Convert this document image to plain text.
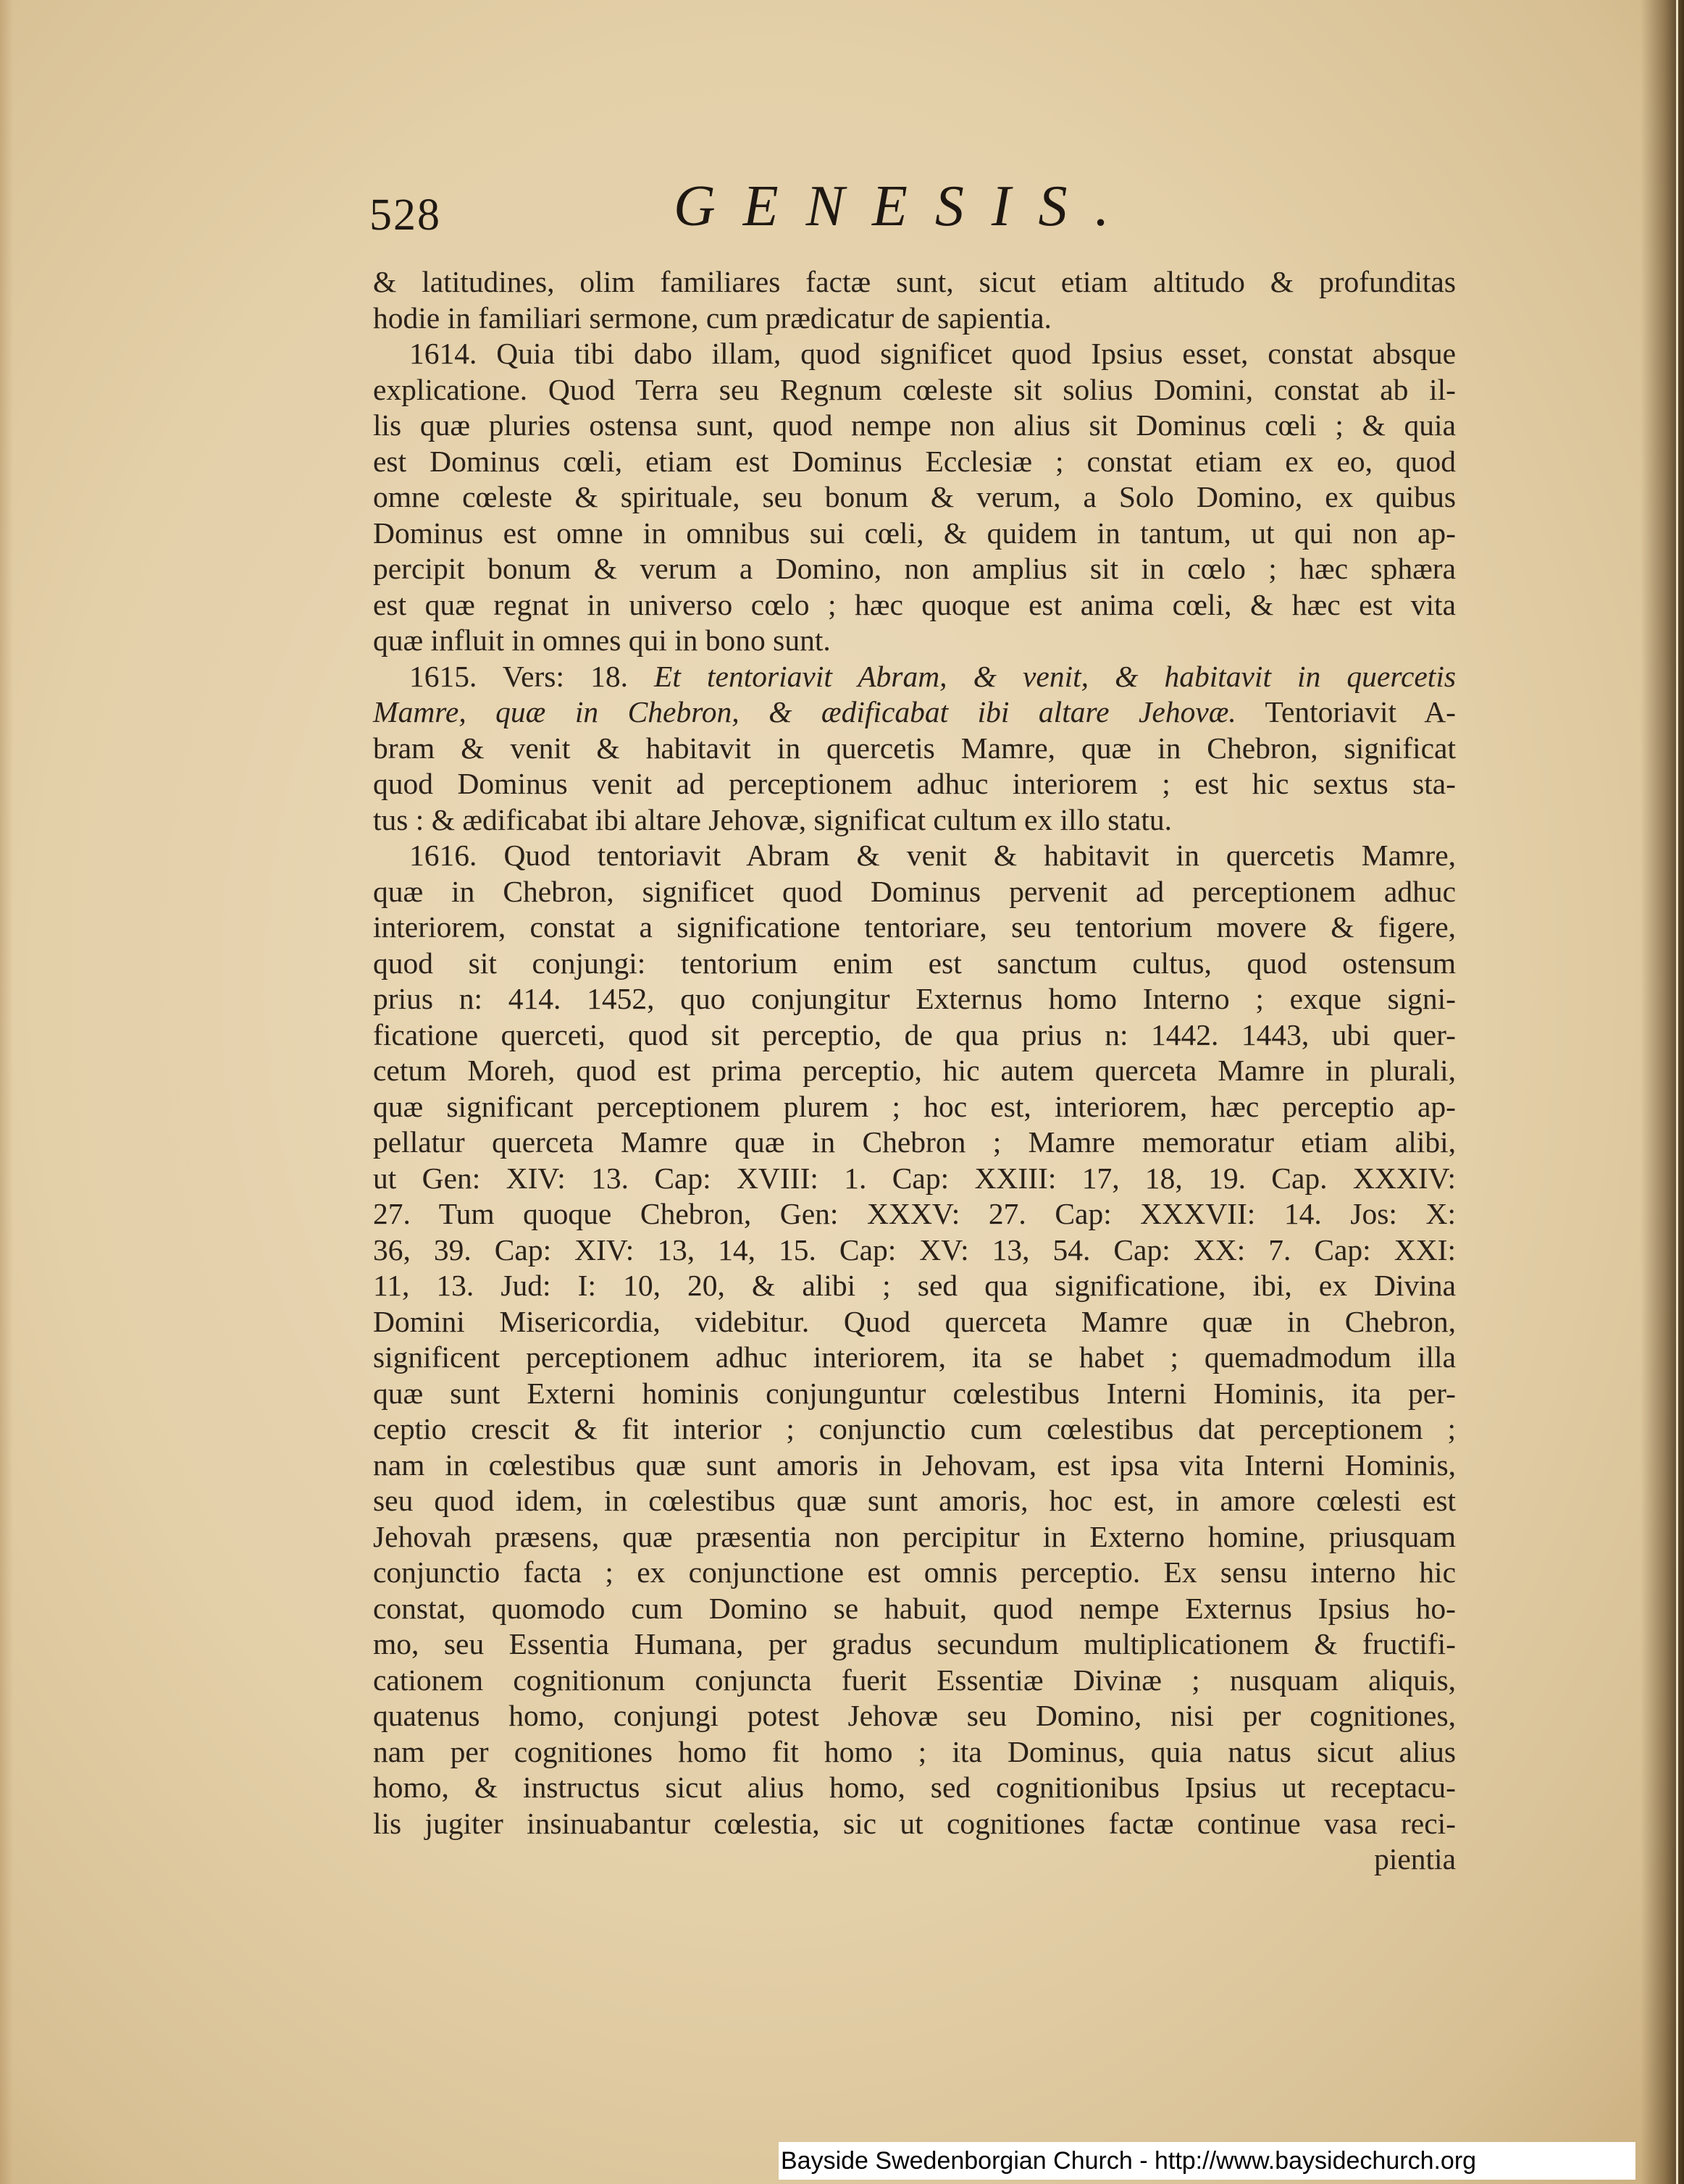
528	GENESIS.
& latitudines, olim familiares factæ sunt, sicut etiam altitudo & profunditas
hodie in familiari sermone, cum prædicatur de sapientia.
1614. Quia tibi dabo illam, quod significet quod Ipsius esset, constat absque
explicatione. Quod Terra seu Regnum cœleste sit solius Domini, constat ab il-
lis quæ pluries ostensa sunt, quod nempe non alius sit Dominus cœli ; & quia
est Dominus cœli, etiam est Dominus Ecclesiæ ; constat etiam ex eo, quod
omne cœleste & spirituale, seu bonum & verum, a Solo Domino, ex quibus
Dominus est omne in omnibus sui cœli, & quidem in tantum, ut qui non ap-
percipit bonum & verum a Domino, non amplius sit in cœlo ; hæc sphæra
est quæ regnat in universo cœlo ; hæc quoque est anima cœli, & hæc est vita
quæ influit in omnes qui in bono sunt.
1615. Vers: 18. Et tentoriavit Abram, & venit, & habitavit in quercetis
Mamre, quæ in Chebron, & ædificabat ibi altare Jehovæ. Tentoriavit A-
bram & venit & habitavit in quercetis Mamre, quæ in Chebron, significat
quod Dominus venit ad perceptionem adhuc interiorem ; est hic sextus sta-
tus : & ædificabat ibi altare Jehovæ, significat cultum ex illo statu.
1616. Quod tentoriavit Abram & venit & habitavit in quercetis Mamre,
quæ in Chebron, significet quod Dominus pervenit ad perceptionem adhuc
interiorem, constat a significatione tentoriare, seu tentorium movere & figere,
quod sit conjungi: tentorium enim est sanctum cultus, quod ostensum
prius n: 414. 1452, quo conjungitur Externus homo Interno ; exque signi-
ficatione querceti, quod sit perceptio, de qua prius n: 1442. 1443, ubi quer-
cetum Moreh, quod est prima perceptio, hic autem querceta Mamre in plurali,
quæ significant perceptionem plurem ; hoc est, interiorem, hæc perceptio ap-
pellatur querceta Mamre quæ in Chebron ; Mamre memoratur etiam alibi,
ut Gen: XIV: 13. Cap: XVIII: 1. Cap: XXIII: 17, 18, 19. Cap. XXXIV:
27. Tum quoque Chebron, Gen: XXXV: 27. Cap: XXXVII: 14. Jos: X:
36, 39. Cap: XIV: 13, 14, 15. Cap: XV: 13, 54. Cap: XX: 7. Cap: XXI:
11, 13. Jud: I: 10, 20, & alibi ; sed qua significatione, ibi, ex Divina
Domini Misericordia, videbitur. Quod querceta Mamre quæ in Chebron,
significent perceptionem adhuc interiorem, ita se habet ; quemadmodum illa
quæ sunt Externi hominis conjunguntur cœlestibus Interni Hominis, ita per-
ceptio crescit & fit interior ; conjunctio cum cœlestibus dat perceptionem ;
nam in cœlestibus quæ sunt amoris in Jehovam, est ipsa vita Interni Hominis,
seu quod idem, in cœlestibus quæ sunt amoris, hoc est, in amore cœlesti est
Jehovah præsens, quæ præsentia non percipitur in Externo homine, priusquam
conjunctio facta ; ex conjunctione est omnis perceptio. Ex sensu interno hic
constat, quomodo cum Domino se habuit, quod nempe Externus Ipsius ho-
mo, seu Essentia Humana, per gradus secundum multiplicationem & fructifi-
cationem cognitionum conjuncta fuerit Essentiæ Divinæ ; nusquam aliquis,
quatenus homo, conjungi potest Jehovæ seu Domino, nisi per cognitiones,
nam per cognitiones homo fit homo ; ita Dominus, quia natus sicut alius
homo, & instructus sicut alius homo, sed cognitionibus Ipsius ut receptacu-
lis jugiter insinuabantur cœlestia, sic ut cognitiones factæ continue vasa reci-
pientia
Bayside Swedenborgian Church - http://www.baysidechurch.org
